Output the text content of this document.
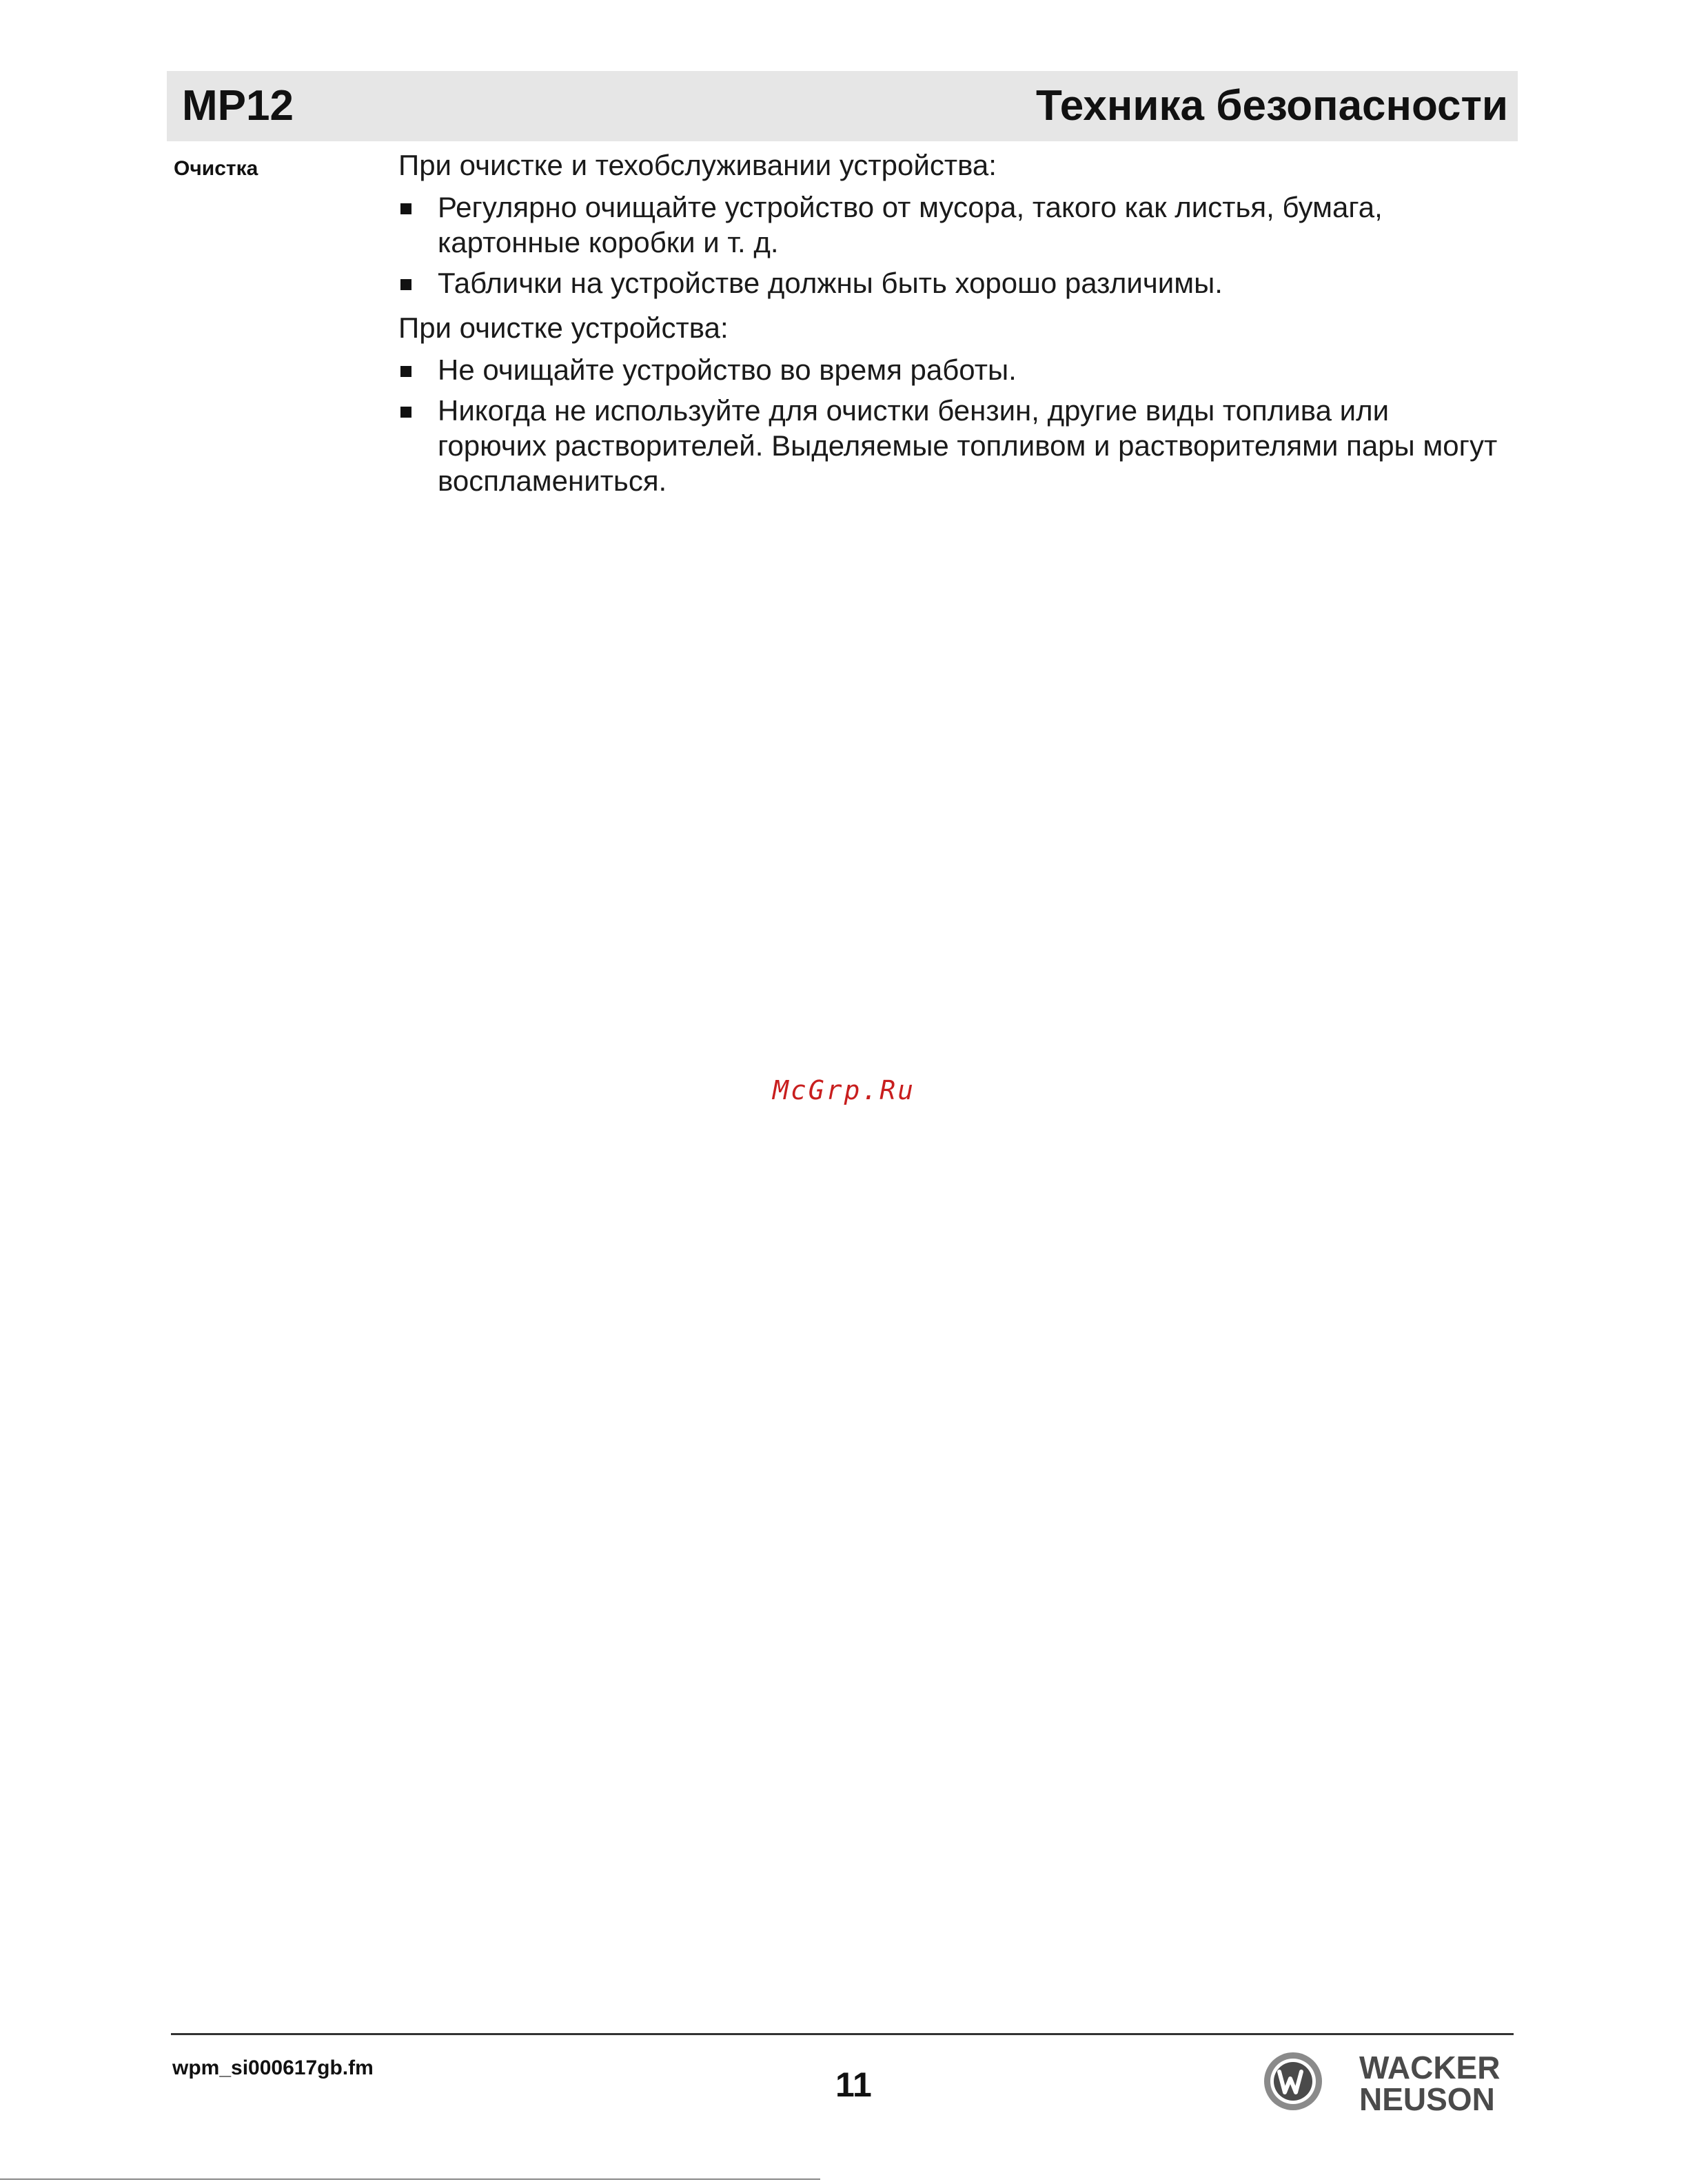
MP12	Техника безопасности
Очистка	При очистке и техобслуживании устройства:

Регулярно очищайте устройство от мусора, такого как листья, бумага, картонные коробки и т. д.
Таблички на устройстве должны быть хорошо различимы.

При очистке устройства:

Не очищайте устройство во время работы.
Никогда не используйте для очистки бензин, другие виды топлива или горючих растворителей. Выделяемые топливом и растворителями пары могут воспламениться.
McGrp.Ru
wpm_si000617gb.fm	11	WACKER
NEUSON
